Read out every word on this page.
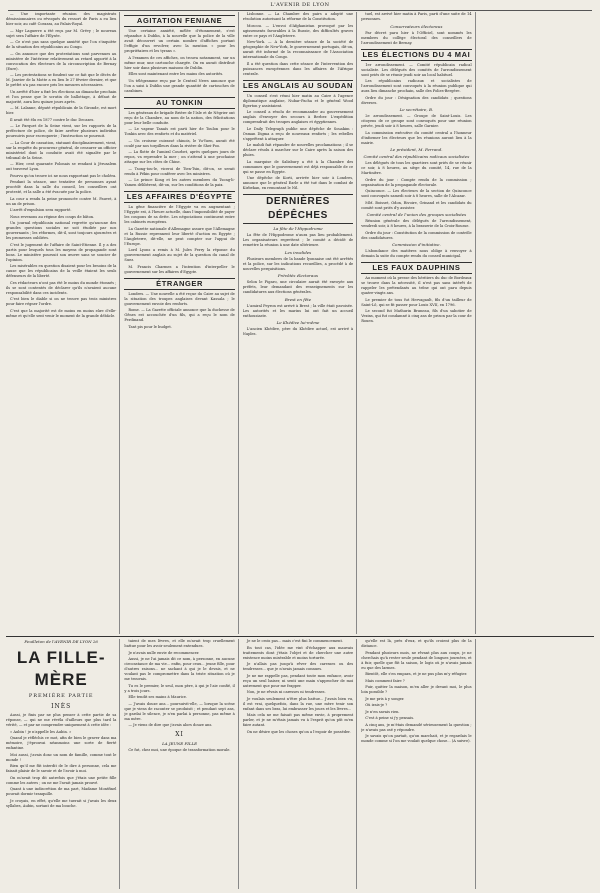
L'AVENIR DE LYON

— Une importante réunion des magistrats démissionnaires ou révoqués du ressort de Paris a eu lieu hier soir, au café Corazza, au Palais-Royal.

— Mgr Laguerre a été reçu par M. Grévy ; le nouveau sujet sera l'affaire de l'Elysée.

— Ce n'est pas sans quelque anxiété que l'on s'inquiète de la situation des républicains au Congo.

— On annonce que des protestations sont parvenues au ministère de l'intérieur relativement au retard apporté à la convocation des électeurs de la circonscription de Bernay (Eure).

— Les protestations se fondent sur ce fait que le décès de M. Janvier de la Motte a eu lieu le 27 février dernier, et que le préfet n'a pas encore pris les mesures nécessaires.

Un arrêté d'hier a fixé les élections au dimanche prochain et l'on pense que le scrutin de ballottage, à défaut de majorité, aura lieu quinze jours après.

— M. Lalanne, député républicain de la Gironde, est mort hier.

Il avait été élu en 1877 contre le duc Decazes.

— Le Parquet de la Seine vient, sur les rapports de la préfecture de police, de faire arrêter plusieurs individus poursuivis pour escroquerie ; l'instruction se poursuit.

— La Cour de cassation, statuant disciplinairement, vient, sur la requête du procureur général, de censurer un officier ministériel dont la conduite avait été signalée par le tribunal de la Seine.

— Hier, cent quarante Polonais se rendant à Jérusalem ont traversé Lyon.

Pourvu qu'on trouve ici ne nous rapportant pas le choléra.

Pendant la séance, une tentative de personnes ayant procédé dans la salle du conseil, les conseillers ont protesté, et la salle a été évacuée par la police.

La cour a rendu la peine prononcée contre M. Fauvet, à un an de prison.

L'arrêt d'expulsion sera rapporté.

Nous revenons au régime des coups de bâton.

Un journal républicain national regrette qu'aucune des grandes questions sociales ne soit étudiée par nos gouvernants ; les réformes, dit-il, sont toujours ajournées et les promesses oubliées.

C'est le jugement de l'affaire de Saint-Etienne. Il y a des partis pour lesquels tous les moyens de propagande sont bons. Le ministère poursuit son œuvre sans se soucier de l'opinion.

Les misérables en question disaient pour les besoins de la cause que les républicains de la veille étaient les seuls défenseurs de la liberté.

Ces rédacteurs n'ont pas été le moins du monde étonnés ; ils se sont contentés de déclarer qu'ils n'avaient aucune responsabilité dans ces incidents.

C'est bien le diable si on ne trouve pas trois ministres pour faire régner l'ordre.

C'est que la majorité est de moins en moins sûre d'elle-même et qu'elle sent venir le moment de la grande débâcle.

AGITATION FENIANE

Une certaine anxiété, mêlée d'étonnement, s'est répandue à Dublin, à la nouvelle que la police de la ville avait découvert un certain nombre d'affiches portant l'effigie d'un revolver, avec la mention « pour les propriétaires et les tyrans ».

A l'examen de ces affiches, on trouva notamment, sur un même mur, une cartouche chargée. On en aurait distribué hier soir dans plusieurs maisons de Dublin.

Elles sont maintenant entre les mains des autorités.

Un télégramme reçu par le Central News annonce que l'on a saisi à Dublin une grande quantité de cartouches de carabines.

AU TONKIN

Les généraux de brigade Brière de l'Isle et de Négrier ont reçu de la Chambre, au nom de la nation, des félicitations pour leur belle conduite.

— Le vapeur Tanaïs est parti hier de Toulon pour le Tonkin avec des renforts et du matériel.

— Un croiseur cuirassé chinois, le Yu-Yuen, aurait été coulé par nos torpilleurs dans la rivière de Shei-Poo.

— La flotte de l'amiral Courbet, après quelques jours de repos, va reprendre la mer ; on s'attend à une prochaine attaque sur les côtes de Chine.

— Tsong-tou-le, viceroi de Tien-Tsin, dit-on, se serait rendu à Pékin pour conférer avec les ministres.

— Le prince Kong et les autres membres du Tsong-li-Yamen délibèrent, dit-on, sur les conditions de la paix.

LES AFFAIRES D'ÉGYPTE

La gêne financière de l'Egypte va en augmentant ; l'Egypte est, à l'heure actuelle, dans l'impossibilité de payer les coupons de sa dette. Les négociations continuent entre les cabinets européens.

La Gazette nationale d'Allemagne assure que l'Allemagne et la Russie reprennent leur liberté d'action en Egypte ; l'Angleterre, dit-elle, ne peut compter sur l'appui de l'Europe.

Lord Lyons a remis à M. Jules Ferry la réponse du gouvernement anglais au sujet de la question du canal de Suez.

M. Francis Charmes a l'intention d'interpeller le gouvernement sur les affaires d'Egypte.

ÉTRANGER

Londres. — Une nouvelle a été reçue du Caire au sujet de la situation des troupes anglaises devant Kassala ; le gouvernement envoie des renforts.

Rome. — La Gazette officiale annonce que la duchesse de Gênes est accouchée d'un fils, qui a reçu le nom de Ferdinand.

Tant pis pour le budget.

Lisbonne. — La Chambre des pairs a adopté une résolution autorisant la réforme de la Constitution.

Moscou. — L'envoi d'Afghanistan provoqué par les agissements favorables à la Russie, des difficultés graves entre ce pays et l'Angleterre.

New-York. — A la dernière séance de la société de géographie de New-York, le gouvernement portugais, dit-on, aurait été informé de la reconnaissance de l'Association internationale du Congo.

Il a été question dans cette séance de l'intervention des puissances européennes dans les affaires de l'Afrique centrale.

LES ANGLAIS AU SOUDAN

Un conseil s'est réuni hier matin au Caire à l'agence diplomatique anglaise, Nubar-Pacha et le général Wood Egerton y assistaient.

Le conseil a résolu de recommander au gouvernement anglais d'envoyer des secours à Berber. L'expédition comprendrait des troupes anglaises et égyptiennes.

Le Daily Telegraph publie une dépêche de Souakim : Osman Digma a reçu de nouveaux renforts ; les rebelles s'apprêtent à attaquer.

Le mahdi fait répandre de nouvelles proclamations ; il se déclare résolu à marcher sur le Caire après la saison des pluies.

La marquise de Salisbury a été à la Chambre des communes que le gouvernement est déjà responsable de ce qui se passe en Egypte.

Une dépêche de Korti, arrivée hier soir à Londres, annonce que le général Earle a été tué dans le combat de Kirbekan, en remontant le Nil.

DERNIÈRES DÉPÊCHES
La fête de l'Hippodrome

La fête de l'Hippodrome n'aura pas lieu probablement. Les organisateurs regrettent ; le comité a décidé de remettre la réunion à une date ultérieure.

Les invalides

Plusieurs membres de la bande lyonnaise ont été arrêtés et la police, sur les indications recueillies, a procédé à de nouvelles perquisitions.

Prévôtés électoraux

Selon le Figaro, une circulaire aurait été envoyée aux préfets, leur demandant des renseignements sur les candidatures aux élections générales.

Brest en fête

L'amiral Peyron est arrivé à Brest ; la ville était pavoisée. Les autorités et les marins lui ont fait un accueil enthousiaste.

Le Khédive lui-même

L'ancien Khédive, père du Khédive actuel, est arrivé à Naples.

tuel, est arrivé hier matin à Paris, parti d'une suite de 14 personnes.

Conservateurs électoraux

Par décret paru hier à l'Officiel, sont nommés les membres du collège électoral des conseillers de l'arrondissement de Bernay.

LES ÉLECTIONS DU 4 MAI

1er arrondissement. — Comité républicain radical socialiste. Les délégués des comités de l'arrondissement sont priés de se réunir jeudi soir au local habituel.

Les républicains radicaux et socialistes de l'arrondissement sont convoqués à la réunion publique qui aura lieu dimanche prochain, salle des Folies-Bergère.

Ordre du jour : Désignation des candidats ; questions diverses.

Le secrétaire, B.

2e arrondissement. — Groupe de Saint-Louis. Les citoyens de ce groupe sont convoqués pour une réunion privée, jeudi soir à 8 heures, salle Garnier.

La commission exécutive du comité central a l'honneur d'informer les électeurs que les réunions auront lieu à la mairie.

Le président, M. Ferrand.
Comité central des républicains radicaux socialistes

Les délégués de tous les quartiers sont priés de se réunir ce soir, à 8 heures, au siège du comité, 14, rue de la Martinière.

Ordre du jour : Compte rendu de la commission ; organisation de la propagande électorale.

Quinconce. — Les électeurs de la section de Quinconce sont convoqués samedi soir à 8 heures, salle de l'Alcazar.

MM. Boisset, Odon, Rivoire, Grinand et les candidats du comité sont priés d'y assister.

Comité central de l'union des groupes socialistes

Réunion générale des délégués de l'arrondissement, vendredi soir, à 8 heures, à la brasserie de la Croix-Rousse.

Ordre du jour : Constitution de la commission de contrôle des candidatures.

Commission d'initiative.

L'abondance des matières nous oblige à renvoyer à demain la suite du compte rendu du conseil municipal.

LES FAUX DAUPHINS

Au moment où la presse des héritiers du duc de Bordeaux se trouve dans la nécessité, il n'est pas sans intérêt de rappeler les prétendants au trône qui ont paru depuis quatre-vingts ans.

Le premier de tous fut Hervagault, fils d'un tailleur de Saint-Lô, qui se fit passer pour Louis XVII, en 1796.

Le second fut Mathurin Bruneau, fils d'un sabotier de Vezins, qui fut condamné à cinq ans de prison par la cour de Rouen.

Feuilleton de l'AVENIR DE LYON 26
LA FILLE-MÈRE
PREMIÈRE PARTIE
INÈS

Aussi, je finis par ne plus penser à cette partie de sa réponse, — qui ne me révéla d'ailleurs que plus tard la vérité, — et par ne comprendre uniquement à cette idée :

« Aubin ! je n'appelle les Aubin. »

Quand je réfléchis ce mot, afin de bien le graver dans ma mémoire, j'éprouvai néanmoins une sorte de fierté enfantine.

Moi aussi, j'avais donc un nom de famille, comme tout le monde !

Bien qu'il me fût interdit de le dire à personne, cela me faisait plaisir de le savoir et de l'avoir à moi.

On m'avait trop dit autrefois que j'étais une petite fille comme les autres ; on ne me l'avait jamais prouvé.

Quant à une indiscrétion de ma part, Madame Montfinel pouvait dormir tranquille.

Je croyais, en effet, qu'elle me tuerait si j'avais les deux syllabes, Aubin, sortant de ma bouche.

taient de mes lèvres, et elle m'avait trop cruellement battue pour les avoir seulement entendues.

Je n'avais nulle envie de recommencer.

Aussi, je ne l'ai jamais dit ce nom, à personne, en aucune circonstance de ma vie... enfin, pour ceux... jeune fille, pour d'autres raisons... ne sachant à qui je le devais, et ne voulant pas le compromettre dans la triste situation où je me trouvais.

Tu es le premier, le seul, mon père, à qui je l'aie confié, il y a trois jours.

Elle tendit ses mains à Maurice.

— J'avais douze ans... poursuivit-elle, — lorsque la scène que je viens de raconter se produisit ; et pendant sept ans, je gardai le silence, je n'en parlai à personne, pas même à ma mère.

— Je viens de dire que j'avais alors douze ans.

XI
LA JEUNE FILLE

Ce fut, chez moi, une époque de transformation morale.

Je ne le crois pas... mais c'est fini le commencement.

En tout cas, l'idée me vint d'échapper aux mauvais traitements dont j'étais l'objet et de chercher une autre existence moins misérable et moins torturée.

Je n'allais pas jusqu'à rêver des caresses ou des tendresses... que je n'avais jamais connues.

Je ne me rappelle pas, pendant toute mon enfance, avoir reçu un seul baiser, ni senti une main s'approcher de moi autrement que pour me frapper.

Non, je ne rêvais ni caresses ni tendresses.

Je voulais seulement n'être plus battue... J'avais bien vu, il est vrai, quelquefois, dans la rue, une mère tenir son enfant dans ses bras, lui embrasser les joues et les lèvres...

Mais cela ne me faisait pas même envie, à proprement parler, et je ne m'étais jamais vu à l'esprit qu'on pût m'en faire autant.

On ne désire que les choses qu'on a l'espoir de posséder.

qu'elle est là, près d'eux, et qu'ils croient plus de la distance.

Pendant plusieurs mois, ne rêvant plus aux coups, je ne cherchais qu'à rester seule pendant de longues journées, et à fuir, quelle que fût la saison, le logis où je n'avais jamais eu que des larmes.

Bientôt, elle s'en empara, et je ne pus plus m'y réfugier.

Mais comment faire ?

Fuir, quitter la maison, m'en aller je devant moi, le plus loin possible ?

Je me pris à y songer.

Où irais-je ?

Je n'en savais rien.

C'est à peine si j'y pensais.

A cinq ans, je m'étais demandé sérieusement la question ; je n'avais pas osé y répondre.

Je savais qu'on partait, qu'on marchait, et je regardais le monde comme si l'on me voulait quelque chose... (A suivre).
